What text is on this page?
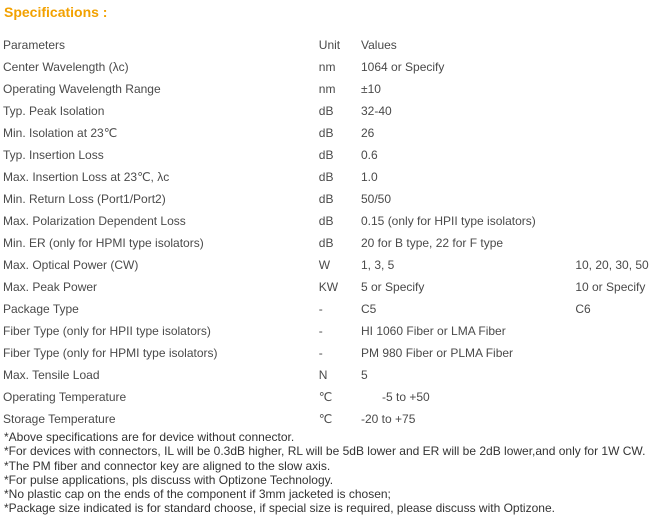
Specifications :
Parameters	Unit	Values	
Center Wavelength (λc)	nm	1064 or Specify	
Operating Wavelength Range	nm	±10	
Typ. Peak Isolation	dB	32-40	
Min. Isolation at 23℃	dB	26	
Typ. Insertion Loss	dB	0.6	
Max. Insertion Loss at 23℃, λc	dB	1.0	
Min. Return Loss (Port1/Port2)	dB	50/50	
Max. Polarization Dependent Loss	dB	0.15 (only for HPII type isolators)	
Min. ER (only for HPMI type isolators)	dB	20 for B type, 22 for F type	
Max. Optical Power (CW)	W	1, 3, 5	10, 20, 30, 50
Max. Peak Power	KW	5 or Specify	10 or Specify
Package Type	-	C5	C6
Fiber Type (only for HPII type isolators)	-	HI 1060 Fiber or LMA Fiber	
Fiber Type (only for HPMI type isolators)	-	PM 980 Fiber or PLMA Fiber	
Max. Tensile Load	N	5	
Operating Temperature	℃	-5 to +50	
Storage Temperature	℃	-20 to +75	
*Above specifications are for device without connector.
*For devices with connectors, IL will be 0.3dB higher, RL will be 5dB lower and ER will be 2dB lower,and only for 1W CW.
*The PM fiber and connector key are aligned to the slow axis.
*For pulse applications, pls discuss with Optizone Technology.
*No plastic cap on the ends of the component if 3mm jacketed is chosen;
*Package size indicated is for standard choose, if special size is required, please discuss with Optizone.
